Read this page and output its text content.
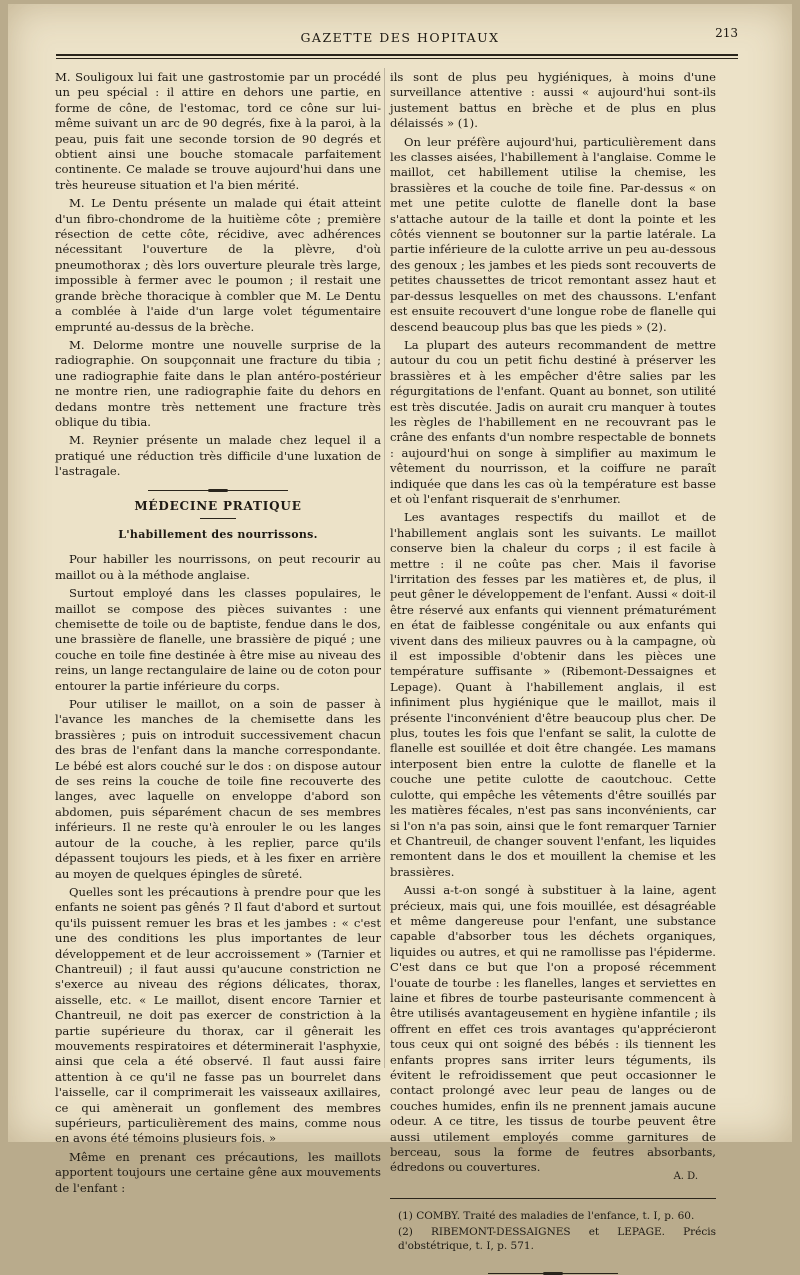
GAZETTE DES HOPITAUX	213

M. Souligoux lui fait une gastrostomie par un procédé un peu spécial : il attire en dehors une partie, en forme de cône, de l'estomac, tord ce cône sur lui-même suivant un arc de 90 degrés, fixe à la paroi, à la peau, puis fait une seconde torsion de 90 degrés et obtient ainsi une bouche stomacale parfaitement continente. Ce malade se trouve aujourd'hui dans une très heureuse situation et l'a bien mérité.

M. Le Dentu présente un malade qui était atteint d'un fibro-chondrome de la huitième côte ; première résection de cette côte, récidive, avec adhérences nécessitant l'ouverture de la plèvre, d'où pneumothorax ; dès lors ouverture pleurale très large, impossible à fermer avec le poumon ; il restait une grande brèche thoracique à combler que M. Le Dentu a comblée à l'aide d'un large volet tégumentaire emprunté au-dessus de la brèche.

M. Delorme montre une nouvelle surprise de la radiographie. On soupçonnait une fracture du tibia ; une radiographie faite dans le plan antéro-postérieur ne montre rien, une radiographie faite du dehors en dedans montre très nettement une fracture très oblique du tibia.

M. Reynier présente un malade chez lequel il a pratiqué une réduction très difficile d'une luxation de l'astragale.

MÉDECINE PRATIQUE
L'habillement des nourrissons.

Pour habiller les nourrissons, on peut recourir au maillot ou à la méthode anglaise.

Surtout employé dans les classes populaires, le maillot se compose des pièces suivantes : une chemisette de toile ou de baptiste, fendue dans le dos, une brassière de flanelle, une brassière de piqué ; une couche en toile fine destinée à être mise au niveau des reins, un lange rectangulaire de laine ou de coton pour entourer la partie inférieure du corps.

Pour utiliser le maillot, on a soin de passer à l'avance les manches de la chemisette dans les brassières ; puis on introduit successivement chacun des bras de l'enfant dans la manche correspondante. Le bébé est alors couché sur le dos : on dispose autour de ses reins la couche de toile fine recouverte des langes, avec laquelle on enveloppe d'abord son abdomen, puis séparément chacun de ses membres inférieurs. Il ne reste qu'à enrouler le ou les langes autour de la couche, à les replier, parce qu'ils dépassent toujours les pieds, et à les fixer en arrière au moyen de quelques épingles de sûreté.

Quelles sont les précautions à prendre pour que les enfants ne soient pas gênés ? Il faut d'abord et surtout qu'ils puissent remuer les bras et les jambes : « c'est une des conditions les plus importantes de leur développement et de leur accroissement » (Tarnier et Chantreuil) ; il faut aussi qu'aucune constriction ne s'exerce au niveau des régions délicates, thorax, aisselle, etc. « Le maillot, disent encore Tarnier et Chantreuil, ne doit pas exercer de constriction à la partie supérieure du thorax, car il gênerait les mouvements respiratoires et déterminerait l'asphyxie, ainsi que cela a été observé. Il faut aussi faire attention à ce qu'il ne fasse pas un bourrelet dans l'aisselle, car il comprimerait les vaisseaux axillaires, ce qui amènerait un gonflement des membres supérieurs, particulièrement des mains, comme nous en avons été témoins plusieurs fois. »

Même en prenant ces précautions, les maillots apportent toujours une certaine gêne aux mouvements de l'enfant :

ils sont de plus peu hygiéniques, à moins d'une surveillance attentive : aussi « aujourd'hui sont-ils justement battus en brèche et de plus en plus délaissés » (1).

On leur préfère aujourd'hui, particulièrement dans les classes aisées, l'habillement à l'anglaise. Comme le maillot, cet habillement utilise la chemise, les brassières et la couche de toile fine. Par-dessus « on met une petite culotte de flanelle dont la base s'attache autour de la taille et dont la pointe et les côtés viennent se boutonner sur la partie latérale. La partie inférieure de la culotte arrive un peu au-dessous des genoux ; les jambes et les pieds sont recouverts de petites chaussettes de tricot remontant assez haut et par-dessus lesquelles on met des chaussons. L'enfant est ensuite recouvert d'une longue robe de flanelle qui descend beaucoup plus bas que les pieds » (2).

La plupart des auteurs recommandent de mettre autour du cou un petit fichu destiné à préserver les brassières et à les empêcher d'être salies par les régurgitations de l'enfant. Quant au bonnet, son utilité est très discutée. Jadis on aurait cru manquer à toutes les règles de l'habillement en ne recouvrant pas le crâne des enfants d'un nombre respectable de bonnets : aujourd'hui on songe à simplifier au maximum le vêtement du nourrisson, et la coiffure ne paraît indiquée que dans les cas où la température est basse et où l'enfant risquerait de s'enrhumer.

Les avantages respectifs du maillot et de l'habillement anglais sont les suivants. Le maillot conserve bien la chaleur du corps ; il est facile à mettre : il ne coûte pas cher. Mais il favorise l'irritation des fesses par les matières et, de plus, il peut gêner le développement de l'enfant. Aussi « doit-il être réservé aux enfants qui viennent prématurément en état de faiblesse congénitale ou aux enfants qui vivent dans des milieux pauvres ou à la campagne, où il est impossible d'obtenir dans les pièces une température suffisante » (Ribemont-Dessaignes et Lepage). Quant à l'habillement anglais, il est infiniment plus hygiénique que le maillot, mais il présente l'inconvénient d'être beaucoup plus cher. De plus, toutes les fois que l'enfant se salit, la culotte de flanelle est souillée et doit être changée. Les mamans interposent bien entre la culotte de flanelle et la couche une petite culotte de caoutchouc. Cette culotte, qui empêche les vêtements d'être souillés par les matières fécales, n'est pas sans inconvénients, car si l'on n'a pas soin, ainsi que le font remarquer Tarnier et Chantreuil, de changer souvent l'enfant, les liquides remontent dans le dos et mouillent la chemise et les brassières.

Aussi a-t-on songé à substituer à la laine, agent précieux, mais qui, une fois mouillée, est désagréable et même dangereuse pour l'enfant, une substance capable d'absorber tous les déchets organiques, liquides ou autres, et qui ne ramollisse pas l'épiderme. C'est dans ce but que l'on a proposé récemment l'ouate de tourbe : les flanelles, langes et serviettes en laine et fibres de tourbe pasteurisante commencent à être utilisés avantageusement en hygiène infantile ; ils offrent en effet ces trois avantages qu'apprécieront tous ceux qui ont soigné des bébés : ils tiennent les enfants propres sans irriter leurs téguments, ils évitent le refroidissement que peut occasionner le contact prolongé avec leur peau de langes ou de couches humides, enfin ils ne prennent jamais aucune odeur. A ce titre, les tissus de tourbe peuvent être aussi utilement employés comme garnitures de berceau, sous la forme de feutres absorbants, édredons ou couvertures.

A. D.
(1) COMBY. Traité des maladies de l'enfance, t. I, p. 60.
(2) RIBEMONT-DESSAIGNES et LEPAGE. Précis d'obstétrique, t. I, p. 571.
